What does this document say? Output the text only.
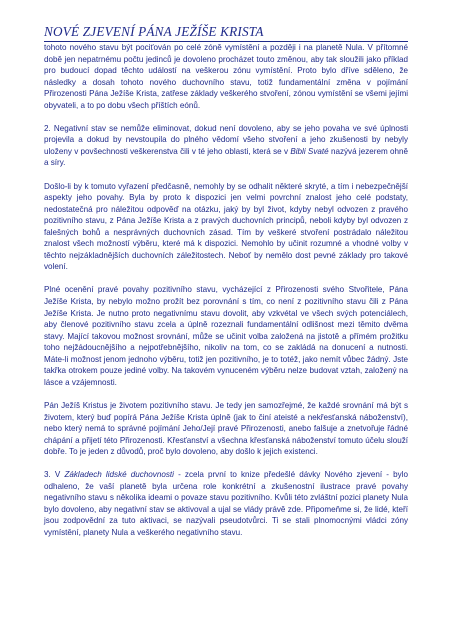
NOVÉ ZJEVENÍ PÁNA JEŽÍŠE KRISTA

tohoto nového stavu být pociťován po celé zóně vymístění a později i na planetě Nula. V přítomné době jen nepatrnému počtu jedinců je dovoleno procházet touto změnou, aby tak sloužili jako příklad pro budoucí dopad těchto událostí na veškerou zónu vymístění. Proto bylo dříve sděleno, že následky a dosah tohoto nového duchovního stavu, totiž fundamentální změna v pojímání Přirozenosti Pána Ježíše Krista, zatřese základy veškerého stvoření, zónou vymístění se všemi jejími obyvateli, a to po dobu všech příštích eónů.

2. Negativní stav se nemůže eliminovat, dokud není dovoleno, aby se jeho povaha ve své úplnosti projevila a dokud by nevstoupila do plného vědomí všeho stvoření a jeho zkušenosti by nebyly uloženy v povšechnosti veškerenstva čili v té jeho oblasti, která se v Bibli Svaté nazývá jezerem ohně a síry.

Došlo-li by k tomuto vyřazení předčasně, nemohly by se odhalit některé skryté, a tím i nebezpečnější aspekty jeho povahy. Byla by proto k dispozici jen velmi povrchní znalost jeho celé podstaty, nedostatečná pro náležitou odpověď na otázku, jaký by byl život, kdyby nebyl odvozen z pravého pozitivního stavu, z Pána Ježíše Krista a z pravých duchovních principů, neboli kdyby byl odvozen z falešných bohů a nesprávných duchovních zásad. Tím by veškeré stvoření postrádalo náležitou znalost všech možností výběru, které má k dispozici. Nemohlo by učinit rozumné a vhodné volby v těchto nejzákladnějších duchovních záležitostech. Neboť by nemělo dost pevné základy pro takové volení.

Plné ocenění pravé povahy pozitivního stavu, vycházející z Přirozenosti svého Stvořitele, Pána Ježíše Krista, by nebylo možno prožít bez porovnání s tím, co není z pozitivního stavu čili z Pána Ježíše Krista. Je nutno proto negativnímu stavu dovolit, aby vzkvétal ve všech svých potenciálech, aby členové pozitivního stavu zcela a úplně rozeznali fundamentální odlišnost mezi těmito dvěma stavy. Mající takovou možnost srovnání, může se učinit volba založená na jistotě a přímém prožitku toho nejžádoucnějšího a nejpotřebnějšího, nikoliv na tom, co se zakládá na donucení a nutnosti. Máte-li možnost jenom jednoho výběru, totiž jen pozitivního, je to totéž, jako nemít vůbec žádný. Jste takřka otrokem pouze jediné volby. Na takovém vynuceném výběru nelze budovat vztah, založený na lásce a vzájemnosti.

Pán Ježíš Kristus je životem pozitivního stavu. Je tedy jen samozřejmé, že každé srovnání má být s životem, který buď popírá Pána Ježíše Krista úplně (jak to činí ateisté a nekřesťanská náboženství), nebo který nemá to správné pojímání Jeho/Její pravé Přirozenosti, anebo falšuje a znetvořuje řádné chápání a přijetí této Přirozenosti. Křesťanství a všechna křesťanská náboženství tomuto účelu slouží dobře. To je jeden z důvodů, proč bylo dovoleno, aby došlo k jejich existenci.

3. V Základech lidské duchovnosti - zcela první to knize předešlé dávky Nového zjevení - bylo odhaleno, že vaší planetě byla určena role konkrétní a zkušenostní ilustrace pravé povahy negativního stavu s několika ideami o povaze stavu pozitivního. Kvůli této zvláštní pozici planety Nula bylo dovoleno, aby negativní stav se aktivoval a ujal se vlády právě zde. Připomeňme si, že lidé, kteří jsou zodpovědní za tuto aktivaci, se nazývali pseudotvůrci. Ti se stali plnomocnými vládci zóny vymístění, planety Nula a veškerého negativního stavu.
